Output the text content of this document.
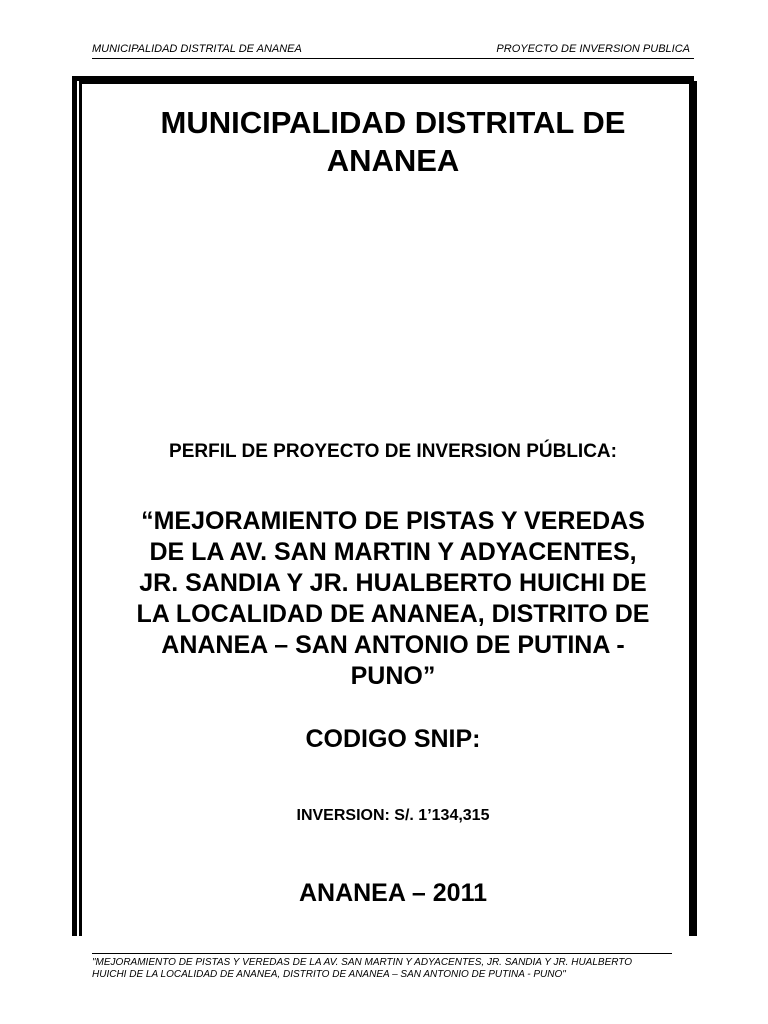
MUNICIPALIDAD DISTRITAL DE ANANEA	PROYECTO DE INVERSION PUBLICA
MUNICIPALIDAD DISTRITAL DE
ANANEA
PERFIL DE PROYECTO DE INVERSION PÚBLICA:
“MEJORAMIENTO DE PISTAS Y VEREDAS
DE LA AV. SAN MARTIN Y ADYACENTES,
JR. SANDIA Y JR. HUALBERTO HUICHI DE
LA LOCALIDAD DE ANANEA, DISTRITO DE
ANANEA – SAN ANTONIO DE PUTINA -
PUNO”
CODIGO SNIP:
INVERSION: S/. 1’134,315
ANANEA – 2011
"MEJORAMIENTO DE PISTAS Y VEREDAS DE LA AV. SAN MARTIN Y ADYACENTES, JR. SANDIA Y JR. HUALBERTO
HUICHI DE LA LOCALIDAD DE ANANEA, DISTRITO DE ANANEA – SAN ANTONIO DE PUTINA - PUNO"
